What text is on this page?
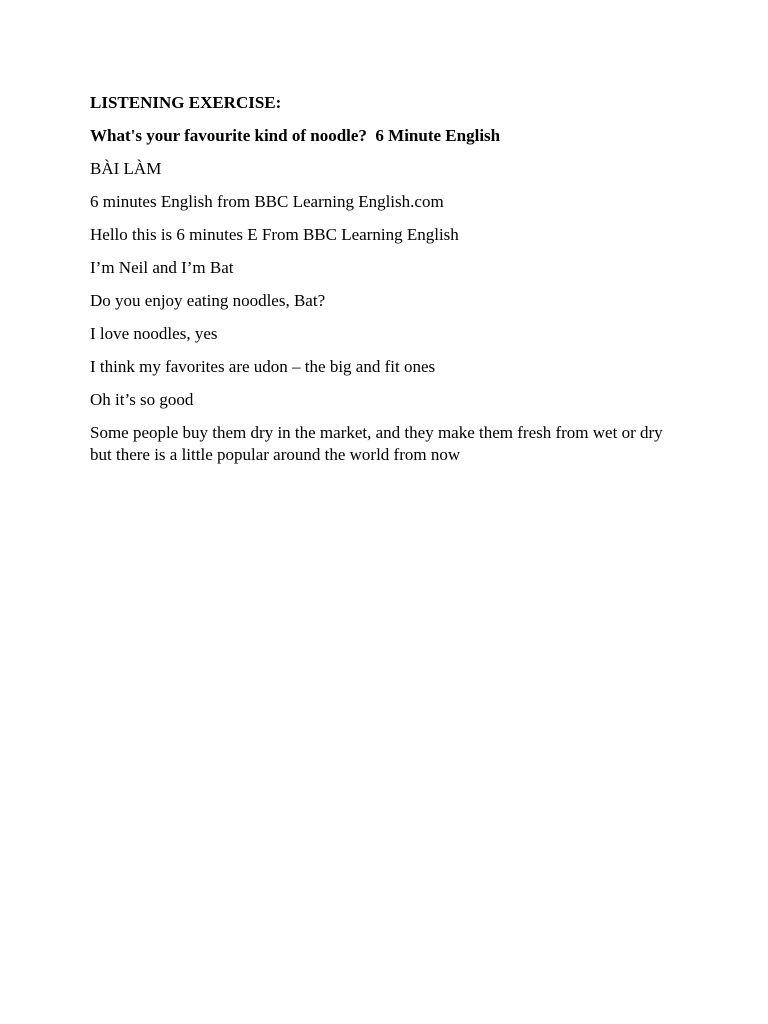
LISTENING EXERCISE:

What's your favourite kind of noodle?  6 Minute English

BÀI LÀM

6 minutes English from BBC Learning English.com

Hello this is 6 minutes E From BBC Learning English

I’m Neil and I’m Bat

Do you enjoy eating noodles, Bat?

I love noodles, yes

I think my favorites are udon – the big and fit ones

Oh it’s so good

Some people buy them dry in the market, and they make them fresh from wet or dry but there is a little popular around the world from now
